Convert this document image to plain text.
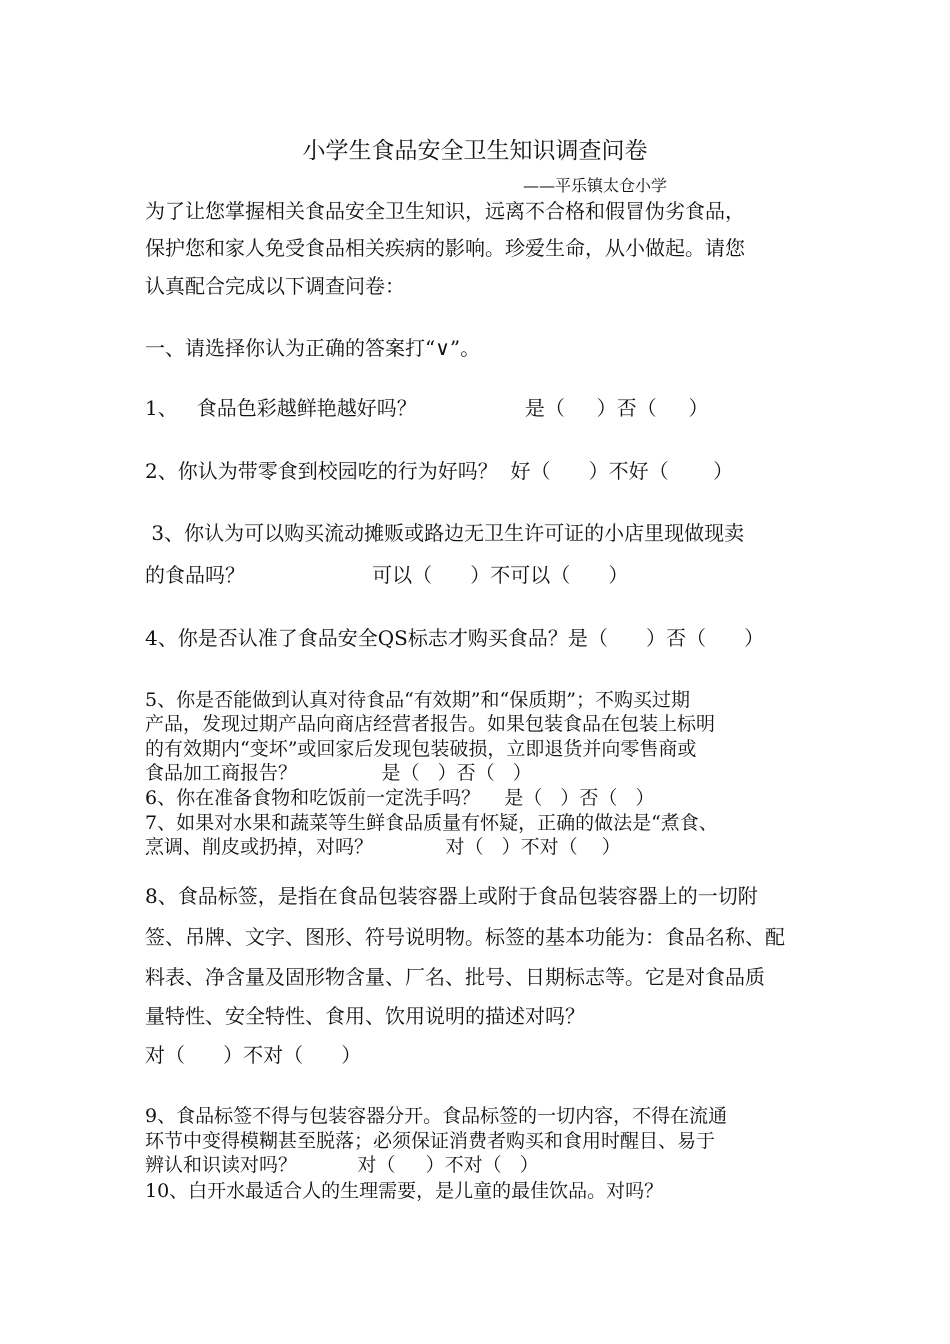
小学生食品安全卫生知识调查问卷
——平乐镇太仓小学
为了让您掌握相关食品安全卫生知识，远离不合格和假冒伪劣食品，
保护您和家人免受食品相关疾病的影响。珍爱生命，从小做起。请您
认真配合完成以下调查问卷：
一、请选择你认为正确的答案打“∨”。
1、   食品色彩越鲜艳越好吗？                 是（     ）否（     ）
2、你认为带零食到校园吃的行为好吗？  好（      ）不好（       ）
3、你认为可以购买流动摊贩或路边无卫生许可证的小店里现做现卖
的食品吗？                    可以（      ）不可以（      ）
4、你是否认准了食品安全QS标志才购买食品？是（      ）否（      ）
5、你是否能做到认真对待食品“有效期”和“保质期”；不购买过期
产品，发现过期产品向商店经营者报告。如果包装食品在包装上标明
的有效期内“变坏”或回家后发现包装破损，立即退货并向零售商或
食品加工商报告？              是（   ）否（   ）
6、你在准备食物和吃饭前一定洗手吗？    是（   ）否（   ）
7、如果对水果和蔬菜等生鲜食品质量有怀疑，正确的做法是“煮食、
烹调、削皮或扔掉，对吗？            对（   ）不对（    ）
8、食品标签，是指在食品包装容器上或附于食品包装容器上的一切附
签、吊牌、文字、图形、符号说明物。标签的基本功能为：食品名称、配
料表、净含量及固形物含量、厂名、批号、日期标志等。它是对食品质
量特性、安全特性、食用、饮用说明的描述对吗？
对（      ）不对（      ）
9、食品标签不得与包装容器分开。食品标签的一切内容，不得在流通
环节中变得模糊甚至脱落；必须保证消费者购买和食用时醒目、易于
辨认和识读对吗？          对（     ）不对（   ）
10、白开水最适合人的生理需要，是儿童的最佳饮品。对吗？
